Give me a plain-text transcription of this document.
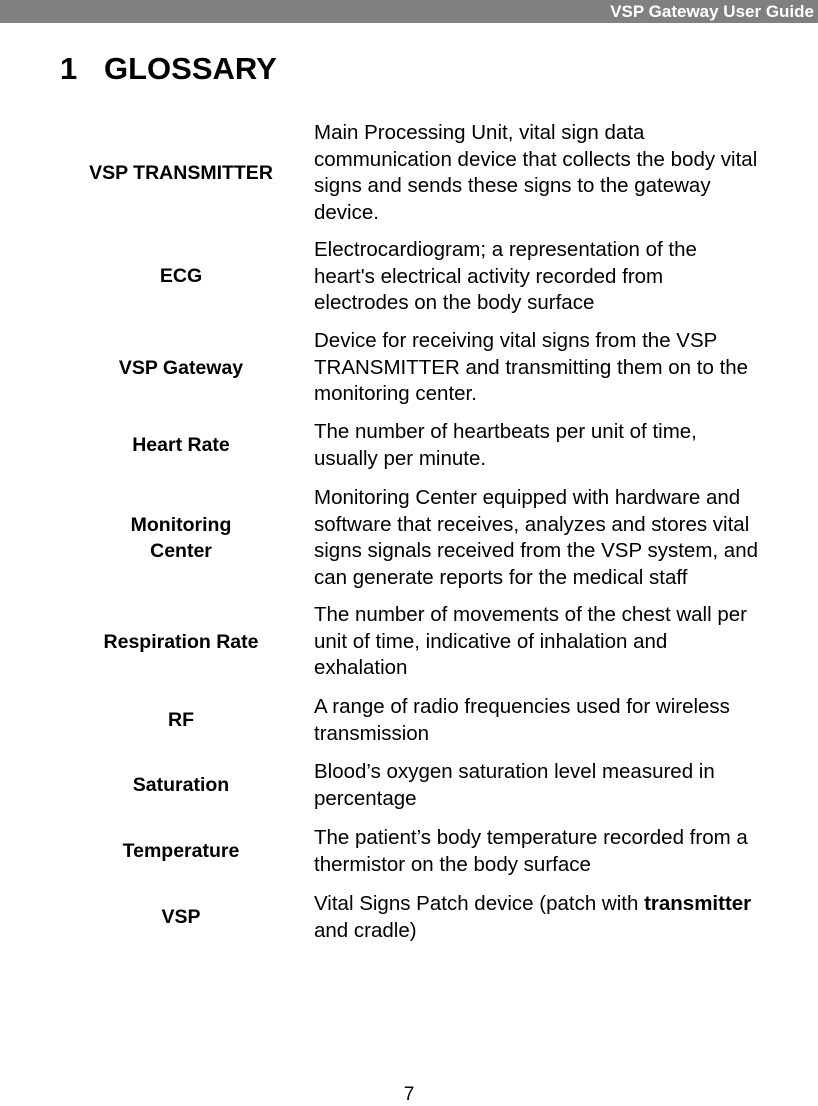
VSP Gateway User Guide
1 GLOSSARY
VSP TRANSMITTER
Main Processing Unit, vital sign data
communication device that collects the body vital
signs and sends these signs to the gateway
device.
ECG
Electrocardiogram; a representation of the
heart's electrical activity recorded from
electrodes on the body surface
VSP Gateway
Device for receiving vital signs from the VSP
TRANSMITTER and transmitting them on to the
monitoring center.
Heart Rate
The number of heartbeats per unit of time,
usually per minute.
Monitoring
Center
Monitoring Center equipped with hardware and
software that receives, analyzes and stores vital
signs signals received from the VSP system, and
can generate reports for the medical staff
Respiration Rate
The number of movements of the chest wall per
unit of time, indicative of inhalation and
exhalation
RF
A range of radio frequencies used for wireless
transmission
Saturation
Blood’s oxygen saturation level measured in
percentage
Temperature
The patient’s body temperature recorded from a
thermistor on the body surface
VSP
Vital Signs Patch device (patch with transmitter
and cradle)
7
